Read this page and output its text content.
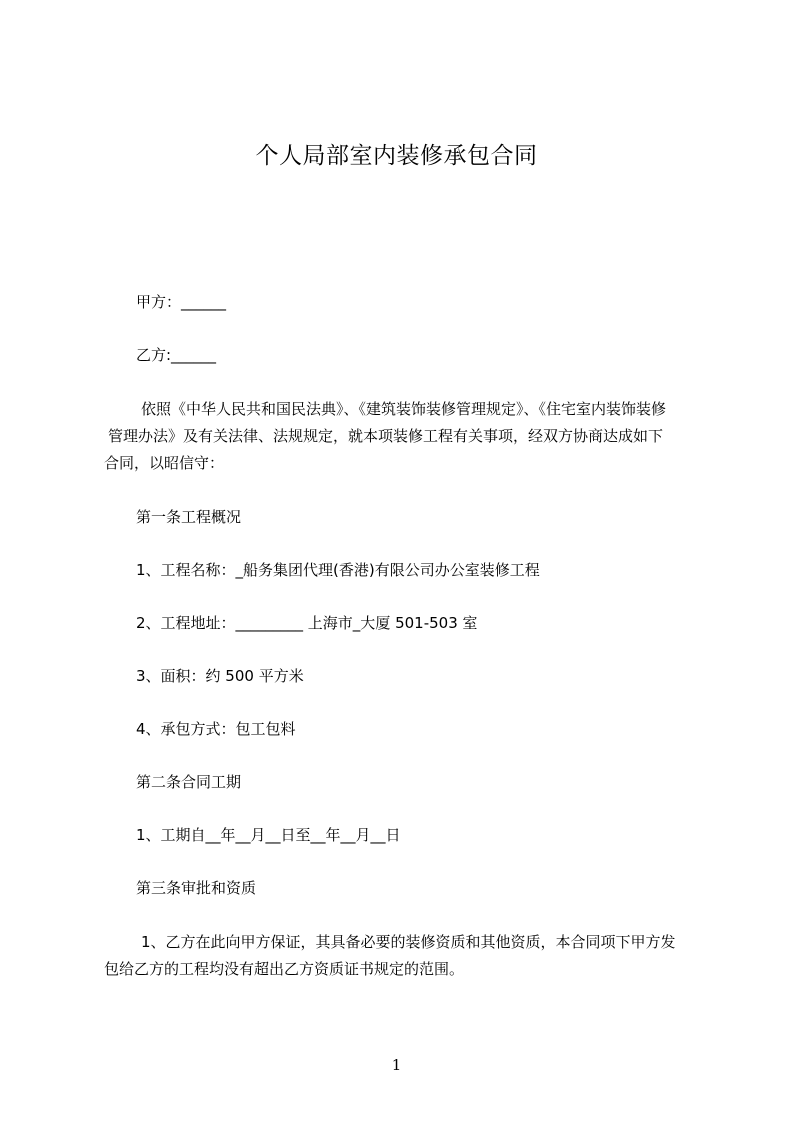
个人局部室内装修承包合同
甲方：______
乙方:______
依照《中华人民共和国民法典》、《建筑装饰装修管理规定》、《住宅室内装饰装修
管理办法》及有关法律、法规规定，就本项装修工程有关事项，经双方协商达成如下
合同，以昭信守：
第一条工程概况
1、工程名称：_船务集团代理(香港)有限公司办公室装修工程
2、工程地址：_________ 上海市_大厦 501-503 室
3、面积：约 500 平方米
4、承包方式：包工包料
第二条合同工期
1、工期自__年__月__日至__年__月__日
第三条审批和资质
1、乙方在此向甲方保证，其具备必要的装修资质和其他资质，本合同项下甲方发
包给乙方的工程均没有超出乙方资质证书规定的范围。
1
